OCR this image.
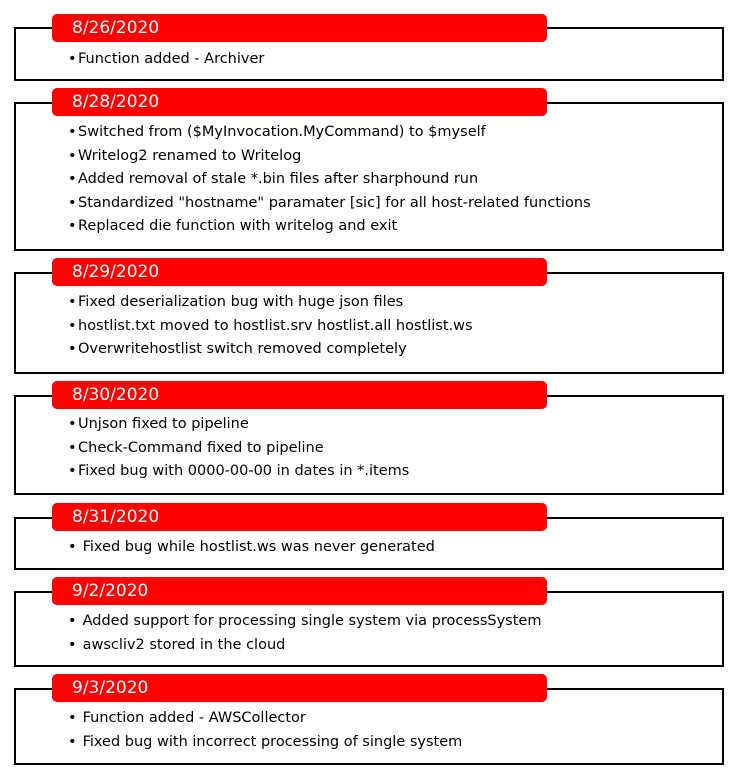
8/26/2020
•Function added - Archiver
8/28/2020
•Switched from ($MyInvocation.MyCommand) to $myself
•Writelog2 renamed to Writelog
•Added removal of stale *.bin files after sharphound run
•Standardized "hostname" paramater [sic] for all host-related functions
•Replaced die function with writelog and exit
8/29/2020
•Fixed deserialization bug with huge json files
•hostlist.txt moved to hostlist.srv hostlist.all hostlist.ws
•Overwritehostlist switch removed completely
8/30/2020
•Unjson fixed to pipeline
•Check-Command fixed to pipeline
•Fixed bug with 0000-00-00 in dates in *.items
8/31/2020
• Fixed bug while hostlist.ws was never generated
9/2/2020
• Added support for processing single system via processSystem
• awscliv2 stored in the cloud
9/3/2020
• Function added - AWSCollector
• Fixed bug with incorrect processing of single system
